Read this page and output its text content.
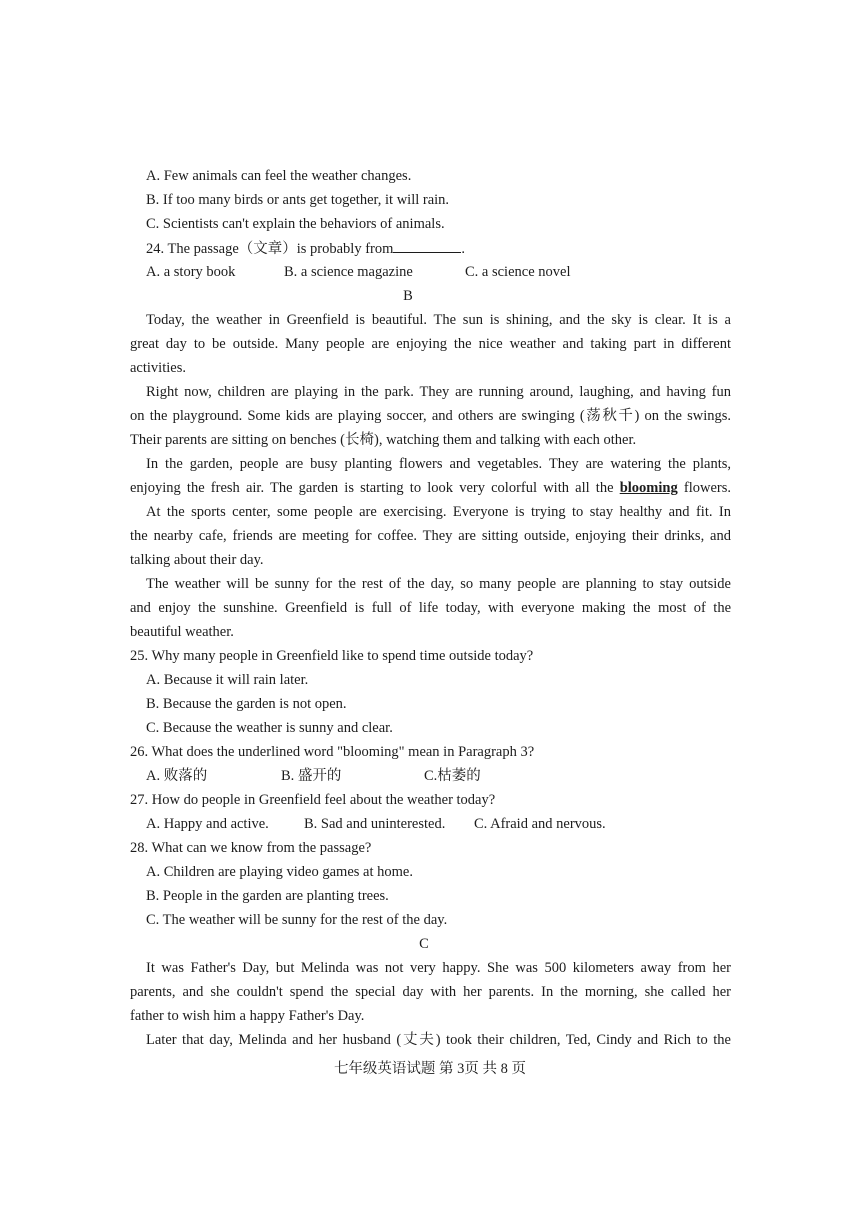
A. Few animals can feel the weather changes.
B. If too many birds or ants get together, it will rain.
C. Scientists can't explain the behaviors of animals.
24. The passage（文章）is probably from	.
A. a story book	B. a science magazine	C. a science novel
B
Today, the weather in Greenfield is beautiful. The sun is shining, and the sky is clear. It is a
great day to be outside. Many people are enjoying the nice weather and taking part in different
activities.
Right now, children are playing in the park. They are running around, laughing, and having fun
on the playground. Some kids are playing soccer, and others are swinging (荡秋千) on the swings.
Their parents are sitting on benches (长椅), watching them and talking with each other.
In the garden, people are busy planting flowers and vegetables. They are watering the plants,
enjoying the fresh air. The garden is starting to look very colorful with all the blooming flowers.
At the sports center, some people are exercising. Everyone is trying to stay healthy and fit. In
the nearby cafe, friends are meeting for coffee. They are sitting outside, enjoying their drinks, and
talking about their day.
The weather will be sunny for the rest of the day, so many people are planning to stay outside
and enjoy the sunshine. Greenfield is full of life today, with everyone making the most of the
beautiful weather.
25. Why many people in Greenfield like to spend time outside today?
A. Because it will rain later.
B. Because the garden is not open.
C. Because the weather is sunny and clear.
26. What does the underlined word "blooming" mean in Paragraph 3?
A. 败落的	B. 盛开的	C.枯萎的
27. How do people in Greenfield feel about the weather today?
A. Happy and active. B. Sad and uninterested. C. Afraid and nervous.
28. What can we know from the passage?
A. Children are playing video games at home.
B. People in the garden are planting trees.
C. The weather will be sunny for the rest of the day.
C
It was Father's Day, but Melinda was not very happy. She was 500 kilometers away from her
parents, and she couldn't spend the special day with her parents. In the morning, she called her
father to wish him a happy Father's Day.
Later that day, Melinda and her husband (丈夫) took their children, Ted, Cindy and Rich to the
七年级英语试题 第 3页 共 8 页
